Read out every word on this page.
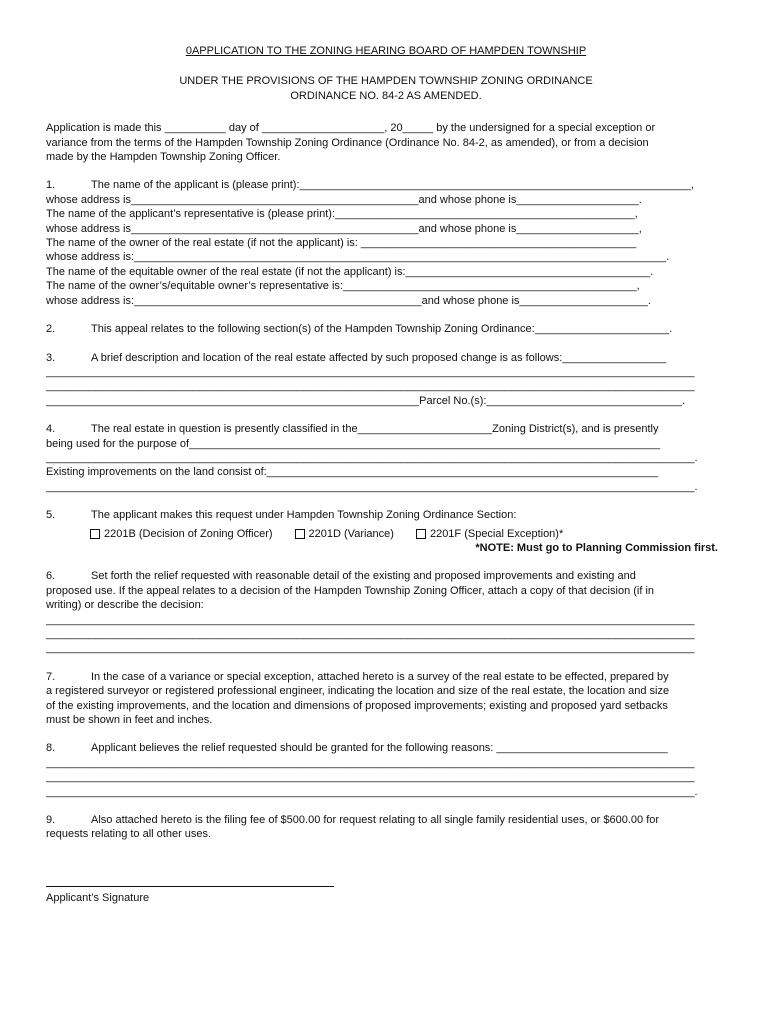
0APPLICATION TO THE ZONING HEARING BOARD OF HAMPDEN TOWNSHIP
UNDER THE PROVISIONS OF THE HAMPDEN TOWNSHIP ZONING ORDINANCE
ORDINANCE NO. 84-2 AS AMENDED.
Application is made this __________ day of ____________________, 20_____ by the undersigned for a special exception or
variance from the terms of the Hampden Township Zoning Ordinance (Ordinance No. 84-2, as amended), or from a decision
made by the Hampden Township Zoning Officer.
1.	The name of the applicant is (please print):________________________________________________________________,
whose address is_______________________________________________and whose phone is____________________.
The name of the applicant’s representative is (please print):_________________________________________________,
whose address is_______________________________________________and whose phone is____________________,
The name of the owner of the real estate (if not the applicant) is: _____________________________________________
whose address is:_______________________________________________________________________________________.
The name of the equitable owner of the real estate (if not the applicant) is:________________________________________.
The name of the owner’s/equitable owner’s representative is:________________________________________________,
whose address is:_______________________________________________and whose phone is_____________________.
2.	This appeal relates to the following section(s) of the Hampden Township Zoning Ordinance:______________________.
3.	A brief description and location of the real estate affected by such proposed change is as follows:_________________
__________________________________________________________________________________________________________
__________________________________________________________________________________________________________
_____________________________________________________________Parcel No.(s):________________________________.
4.	The real estate in question is presently classified in the______________________Zoning District(s), and is presently
being used for the purpose of_____________________________________________________________________________
__________________________________________________________________________________________________________.
Existing improvements on the land consist of:________________________________________________________________
__________________________________________________________________________________________________________.
5.	The applicant makes this request under Hampden Township Zoning Ordinance Section:
2201B (Decision of Zoning Officer)	2201D (Variance)	2201F (Special Exception)*
*NOTE: Must go to Planning Commission first.
6.	Set forth the relief requested with reasonable detail of the existing and proposed improvements and existing and
proposed use. If the appeal relates to a decision of the Hampden Township Zoning Officer, attach a copy of that decision (if in
writing) or describe the decision:
__________________________________________________________________________________________________________
__________________________________________________________________________________________________________
__________________________________________________________________________________________________________
7.	In the case of a variance or special exception, attached hereto is a survey of the real estate to be effected, prepared by
a registered surveyor or registered professional engineer, indicating the location and size of the real estate, the location and size
of the existing improvements, and the location and dimensions of proposed improvements; existing and proposed yard setbacks
must be shown in feet and inches.
8.	Applicant believes the relief requested should be granted for the following reasons: ____________________________
__________________________________________________________________________________________________________
__________________________________________________________________________________________________________
__________________________________________________________________________________________________________.
9.	Also attached hereto is the filing fee of $500.00 for request relating to all single family residential uses, or $600.00 for
requests relating to all other uses.
Applicant’s Signature
